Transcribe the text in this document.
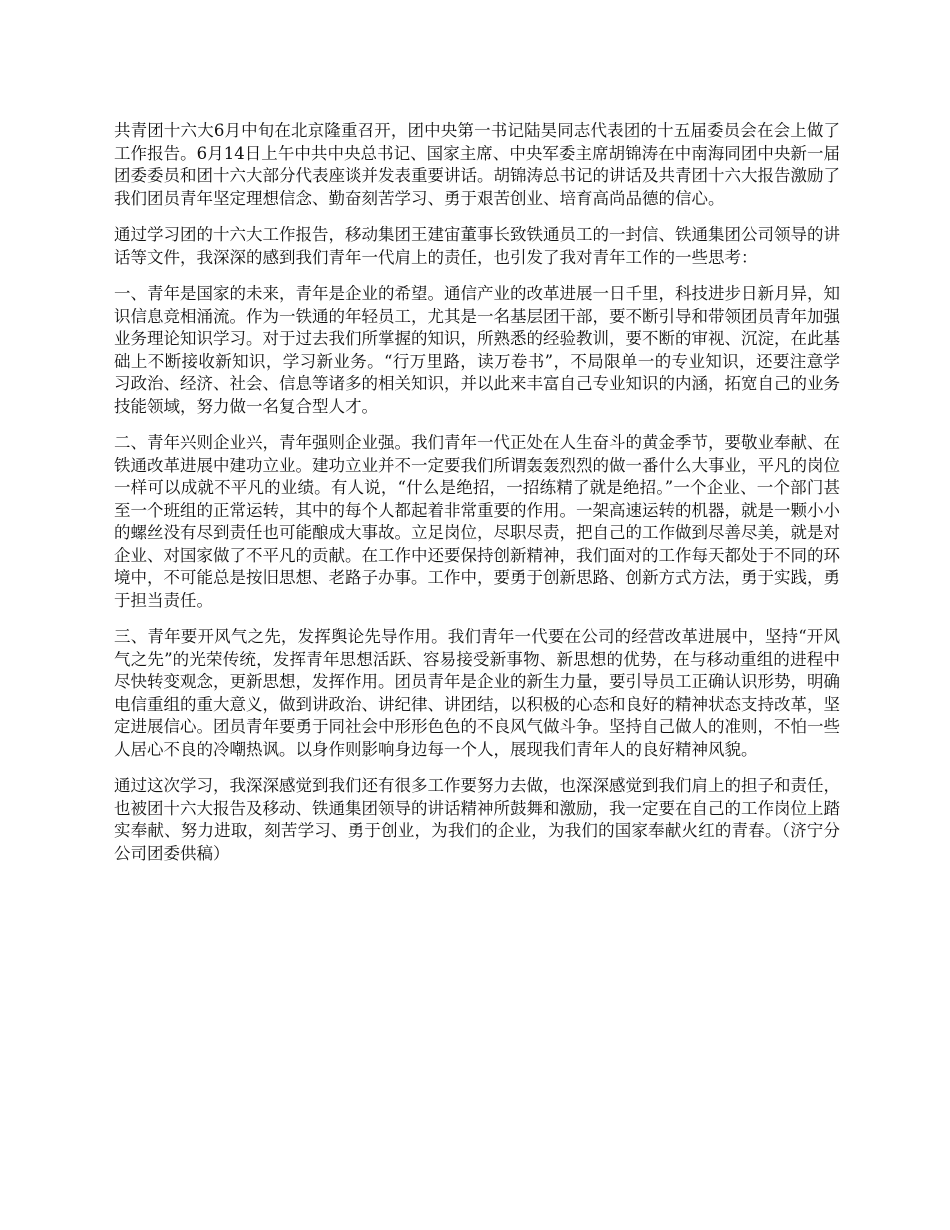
共青团十六大6月中旬在北京隆重召开，团中央第一书记陆昊同志代表团的十五届委员会在会上做了工作报告。6月14日上午中共中央总书记、国家主席、中央军委主席胡锦涛在中南海同团中央新一届团委委员和团十六大部分代表座谈并发表重要讲话。胡锦涛总书记的讲话及共青团十六大报告激励了我们团员青年坚定理想信念、勤奋刻苦学习、勇于艰苦创业、培育高尚品德的信心。

通过学习团的十六大工作报告，移动集团王建宙董事长致铁通员工的一封信、铁通集团公司领导的讲话等文件，我深深的感到我们青年一代肩上的责任，也引发了我对青年工作的一些思考：

一、青年是国家的未来，青年是企业的希望。通信产业的改革进展一日千里，科技进步日新月异，知识信息竞相涌流。作为一铁通的年轻员工，尤其是一名基层团干部，要不断引导和带领团员青年加强业务理论知识学习。对于过去我们所掌握的知识，所熟悉的经验教训，要不断的审视、沉淀，在此基础上不断接收新知识，学习新业务。“行万里路，读万卷书”，不局限单一的专业知识，还要注意学习政治、经济、社会、信息等诸多的相关知识，并以此来丰富自己专业知识的内涵，拓宽自己的业务技能领域，努力做一名复合型人才。

二、青年兴则企业兴，青年强则企业强。我们青年一代正处在人生奋斗的黄金季节，要敬业奉献、在铁通改革进展中建功立业。建功立业并不一定要我们所谓轰轰烈烈的做一番什么大事业，平凡的岗位一样可以成就不平凡的业绩。有人说，“什么是绝招，一招练精了就是绝招。”一个企业、一个部门甚至一个班组的正常运转，其中的每个人都起着非常重要的作用。一架高速运转的机器，就是一颗小小的螺丝没有尽到责任也可能酿成大事故。立足岗位，尽职尽责，把自己的工作做到尽善尽美，就是对企业、对国家做了不平凡的贡献。在工作中还要保持创新精神，我们面对的工作每天都处于不同的环境中，不可能总是按旧思想、老路子办事。工作中，要勇于创新思路、创新方式方法，勇于实践，勇于担当责任。

三、青年要开风气之先，发挥舆论先导作用。我们青年一代要在公司的经营改革进展中，坚持“开风气之先”的光荣传统，发挥青年思想活跃、容易接受新事物、新思想的优势，在与移动重组的进程中尽快转变观念，更新思想，发挥作用。团员青年是企业的新生力量，要引导员工正确认识形势，明确电信重组的重大意义，做到讲政治、讲纪律、讲团结，以积极的心态和良好的精神状态支持改革，坚定进展信心。团员青年要勇于同社会中形形色色的不良风气做斗争。坚持自己做人的准则，不怕一些人居心不良的冷嘲热讽。以身作则影响身边每一个人，展现我们青年人的良好精神风貌。

通过这次学习，我深深感觉到我们还有很多工作要努力去做，也深深感觉到我们肩上的担子和责任，也被团十六大报告及移动、铁通集团领导的讲话精神所鼓舞和激励，我一定要在自己的工作岗位上踏实奉献、努力进取，刻苦学习、勇于创业，为我们的企业，为我们的国家奉献火红的青春。（济宁分公司团委供稿）
